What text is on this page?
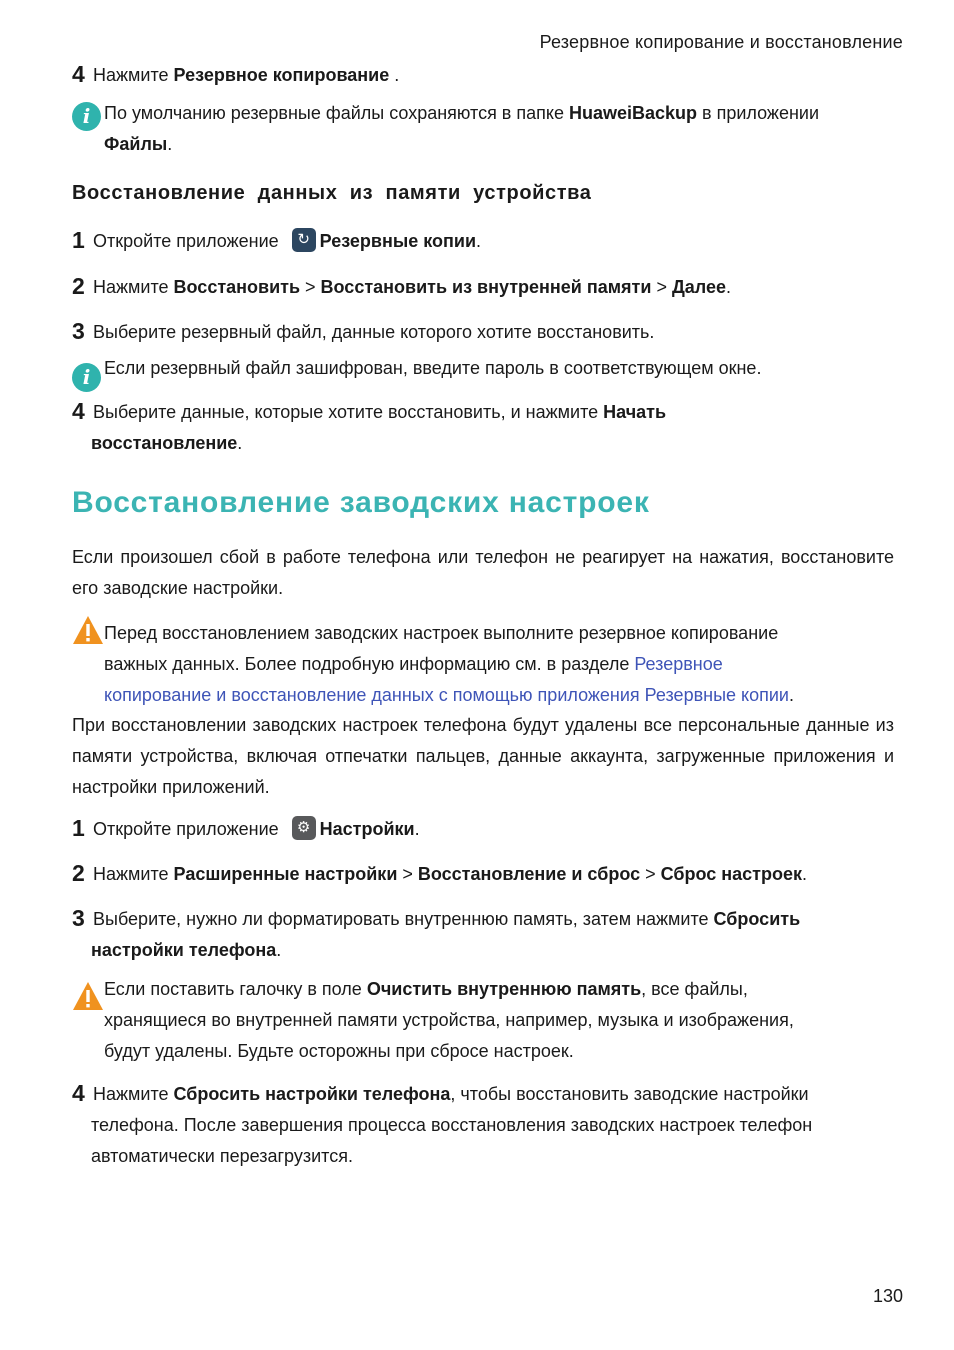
Резервное копирование и восстановление
4 Нажмите Резервное копирование .
i По умолчанию резервные файлы сохраняются в папке HuaweiBackup в приложении
Файлы.
Восстановление  данных  из  памяти  устройства
1 Откройте приложение ↻ Резервные копии.
2 Нажмите Восстановить > Восстановить из внутренней памяти > Далее.
3 Выберите резервный файл, данные которого хотите восстановить.
i Если резервный файл зашифрован, введите пароль в соответствующем окне.
4 Выберите данные, которые хотите восстановить, и нажмите Начать
восстановление.
Восстановление заводских настроек
Если произошел сбой в работе телефона или телефон не реагирует на нажатия, восстановите его заводские настройки.
Перед восстановлением заводских настроек выполните резервное копирование
важных данных. Более подробную информацию см. в разделе Резервное
копирование и восстановление данных с помощью приложения Резервные копии.
При восстановлении заводских настроек телефона будут удалены все персональные данные из памяти устройства, включая отпечатки пальцев, данные аккаунта, загруженные приложения и настройки приложений.
1 Откройте приложение ⚙ Настройки.
2 Нажмите Расширенные настройки > Восстановление и сброс > Сброс настроек.
3 Выберите, нужно ли форматировать внутреннюю память, затем нажмите Сбросить
настройки телефона.
Если поставить галочку в поле Очистить внутреннюю память, все файлы,
хранящиеся во внутренней памяти устройства, например, музыка и изображения,
будут удалены. Будьте осторожны при сбросе настроек.
4 Нажмите Сбросить настройки телефона, чтобы восстановить заводские настройки
телефона. После завершения процесса восстановления заводских настроек телефон
автоматически перезагрузится.
130
